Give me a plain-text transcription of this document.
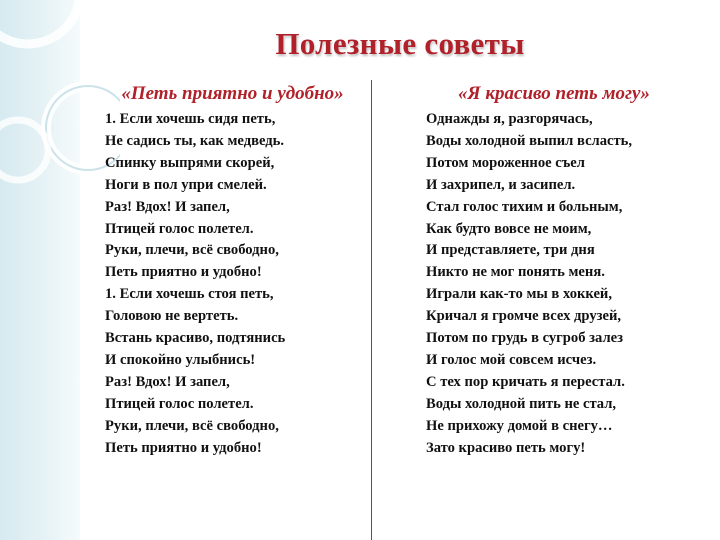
Полезные советы
«Петь приятно и удобно»
1. Если хочешь сидя петь,
Не садись ты, как медведь.
Спинку выпрями скорей,
Ноги в пол упри смелей.
Раз! Вдох! И запел,
Птицей голос полетел.
Руки, плечи, всё свободно,
Петь приятно и удобно!
1. Если хочешь стоя петь,
Головою не вертеть.
Встань красиво, подтянись
И спокойно улыбнись!
Раз! Вдох! И запел,
Птицей голос полетел.
Руки, плечи, всё свободно,
Петь приятно и удобно!
«Я красиво петь могу»
Однажды я, разгорячась,
Воды холодной выпил всласть,
Потом мороженное съел
И захрипел, и засипел.
Стал голос тихим и больным,
Как будто вовсе не моим,
И представляете, три дня
Никто не мог понять меня.
Играли как-то мы в хоккей,
Кричал я громче всех друзей,
Потом по грудь в сугроб залез
И голос мой совсем исчез.
С тех пор кричать я перестал.
Воды холодной пить не стал,
Не прихожу домой в снегу…
Зато красиво петь могу!
